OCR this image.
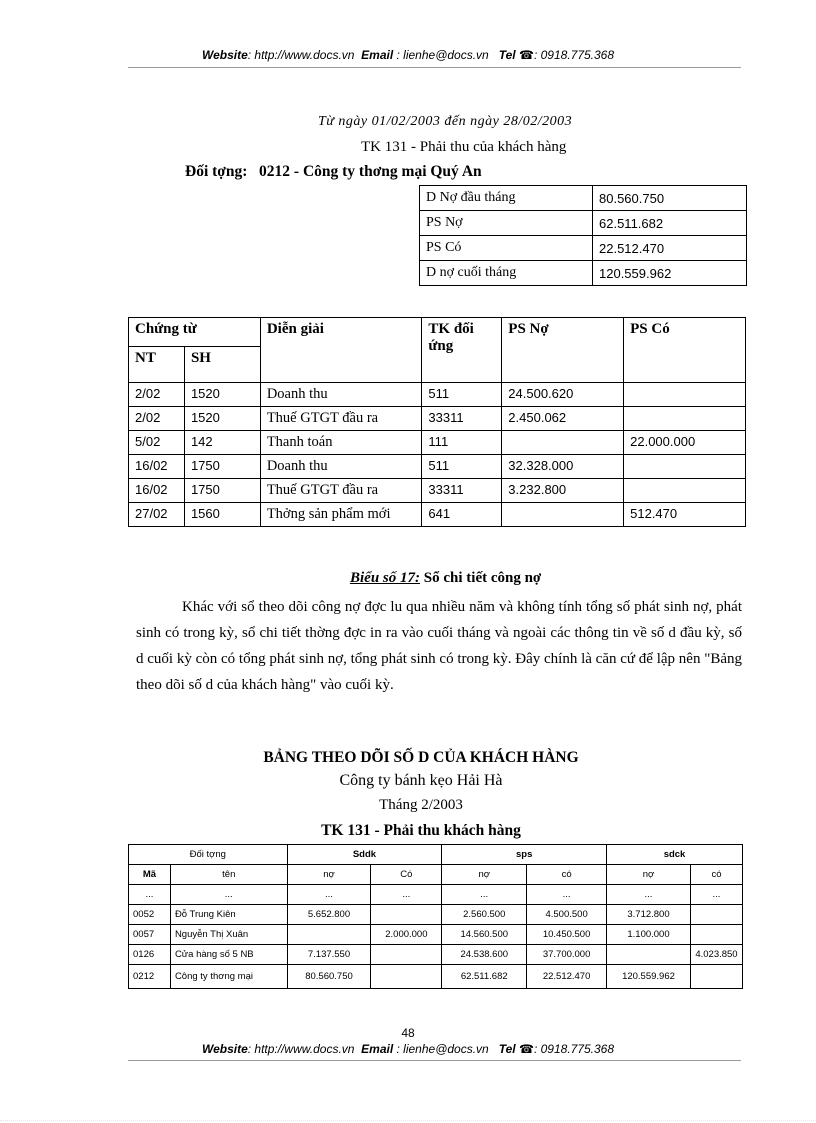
Website: http://www.docs.vn Email : lienhe@docs.vn Tel ☎: 0918.775.368
Từ ngày 01/02/2003 đến ngày 28/02/2003
TK 131 - Phải thu của khách hàng
Đối tợng: 0212 - Công ty thơng mại Quý An
D Nợ đầu tháng	80.560.750
PS Nợ	62.511.682
PS Có	22.512.470
D nợ cuối tháng	120.559.962
Chứng từ		Diễn giải	TK đối ứng	PS Nợ	PS Có
NT	SH				
2/02	1520	Doanh thu	511	24.500.620	
2/02	1520	Thuế GTGT đầu ra	33311	2.450.062	
5/02	142	Thanh toán	111		22.000.000
16/02	1750	Doanh thu	511	32.328.000	
16/02	1750	Thuế GTGT đầu ra	33311	3.232.800	
27/02	1560	Thởng sản phẩm mới	641		512.470
Biểu số 17: Sổ chi tiết công nợ

Khác với sổ theo dõi công nợ đợc lu qua nhiều năm và không tính tổng số phát sinh nợ, phát sinh có trong kỳ, sổ chi tiết thờng đợc in ra vào cuối tháng và ngoài các thông tin về số d đầu kỳ, số d cuối kỳ còn có tổng phát sinh nợ, tổng phát sinh có trong kỳ. Đây chính là căn cứ để lập nên "Bảng theo dõi số d của khách hàng" vào cuối kỳ.

BẢNG THEO DÕI SỐ D CỦA KHÁCH HÀNG
Công ty bánh kẹo Hải Hà
Tháng 2/2003
TK 131 - Phải thu khách hàng
Đối tợng		Sddk		sps		sdck	
Mã	tên	nợ	Có	nợ	có	nợ	có
...	...	...	...	...	...	...	...
0052	Đỗ Trung Kiên	5.652.800		2.560.500	4.500.500	3.712.800	
0057	Nguyễn Thị Xuân		2.000.000	14.560.500	10.450.500	1.100.000	
0126	Cửa hàng số 5 NB	7.137.550		24.538.600	37.700.000		4.023.850
0212	Công ty thơng mại	80.560.750		62.511.682	22.512.470	120.559.962	
48
Website: http://www.docs.vn Email : lienhe@docs.vn Tel ☎: 0918.775.368
